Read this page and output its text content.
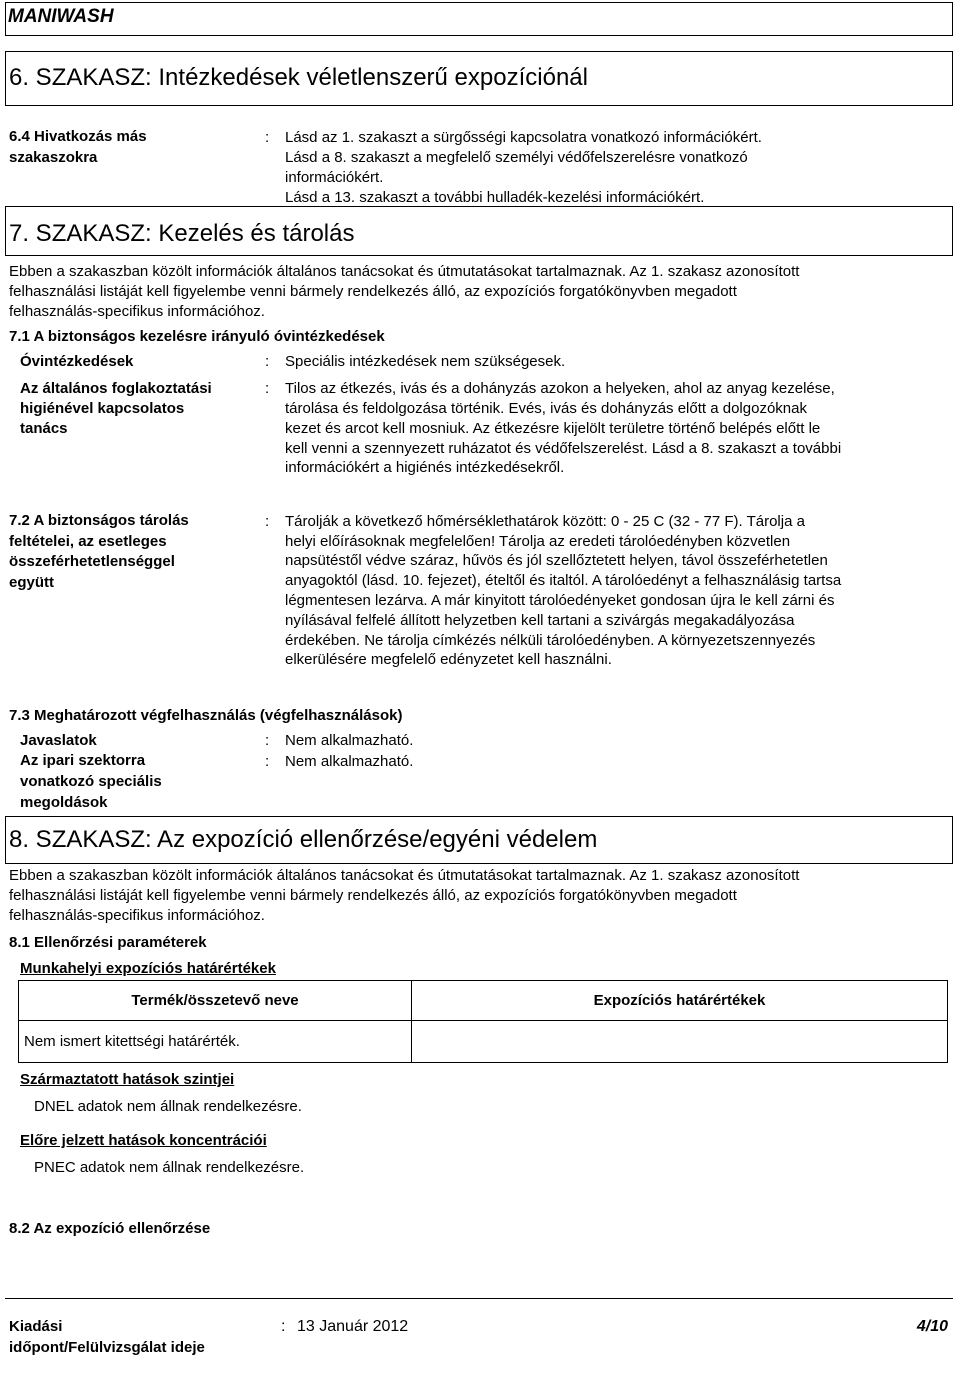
MANIWASH
6. SZAKASZ: Intézkedések véletlenszerű expozíciónál
6.4 Hivatkozás más
szakaszokra
: Lásd az 1. szakaszt a sürgősségi kapcsolatra vonatkozó információkért.
Lásd a 8. szakaszt a megfelelő személyi védőfelszerelésre vonatkozó
információkért.
Lásd a 13. szakaszt a további hulladék-kezelési információkért.
7. SZAKASZ: Kezelés és tárolás
Ebben a szakaszban közölt információk általános tanácsokat és útmutatásokat tartalmaznak. Az 1. szakasz azonosított
felhasználási listáját kell figyelembe venni bármely rendelkezés álló, az expozíciós forgatókönyvben megadott
felhasználás-specifikus információhoz.
7.1 A biztonságos kezelésre irányuló óvintézkedések
Óvintézkedések	: Speciális intézkedések nem szükségesek.
Az általános foglakoztatási
higiénével kapcsolatos
tanács
: Tilos az étkezés, ivás és a dohányzás azokon a helyeken, ahol az anyag kezelése,
tárolása és feldolgozása történik. Evés, ivás és dohányzás előtt a dolgozóknak
kezet és arcot kell mosniuk. Az étkezésre kijelölt területre történő belépés előtt le
kell venni a szennyezett ruházatot és védőfelszerelést. Lásd a 8. szakaszt a további
információkért a higiénés intézkedésekről.
7.2 A biztonságos tárolás
feltételei, az esetleges
összeférhetetlenséggel
együtt
: Tárolják a következő hőmérséklethatárok között: 0 - 25 C (32 - 77 F). Tárolja a
helyi előírásoknak megfelelően! Tárolja az eredeti tárolóedényben közvetlen
napsütéstől védve száraz, hűvös és jól szellőztetett helyen, távol összeférhetetlen
anyagoktól (lásd. 10. fejezet), ételtől és italtól. A tárolóedényt a felhasználásig tartsa
légmentesen lezárva. A már kinyitott tárolóedényeket gondosan újra le kell zárni és
nyílásával felfelé állított helyzetben kell tartani a szivárgás megakadályozása
érdekében. Ne tárolja címkézés nélküli tárolóedényben. A környezetszennyezés
elkerülésére megfelelő edényzetet kell használni.
7.3 Meghatározott végfelhasználás (végfelhasználások)
Javaslatok	: Nem alkalmazható.
Az ipari szektorra
vonatkozó speciális
megoldások
: Nem alkalmazható.
8. SZAKASZ: Az expozíció ellenőrzése/egyéni védelem
Ebben a szakaszban közölt információk általános tanácsokat és útmutatásokat tartalmaznak. Az 1. szakasz azonosított
felhasználási listáját kell figyelembe venni bármely rendelkezés álló, az expozíciós forgatókönyvben megadott
felhasználás-specifikus információhoz.
8.1 Ellenőrzési paraméterek
Munkahelyi expozíciós határértékek
Termék/összetevő neve	Expozíciós határértékek
Nem ismert kitettségi határérték.	
Származtatott hatások szintjei
DNEL adatok nem állnak rendelkezésre.
Előre jelzett hatások koncentrációi
PNEC adatok nem állnak rendelkezésre.
8.2 Az expozíció ellenőrzése
Kiadási
időpont/Felülvizsgálat ideje
: 13 Január 2012	4/10
